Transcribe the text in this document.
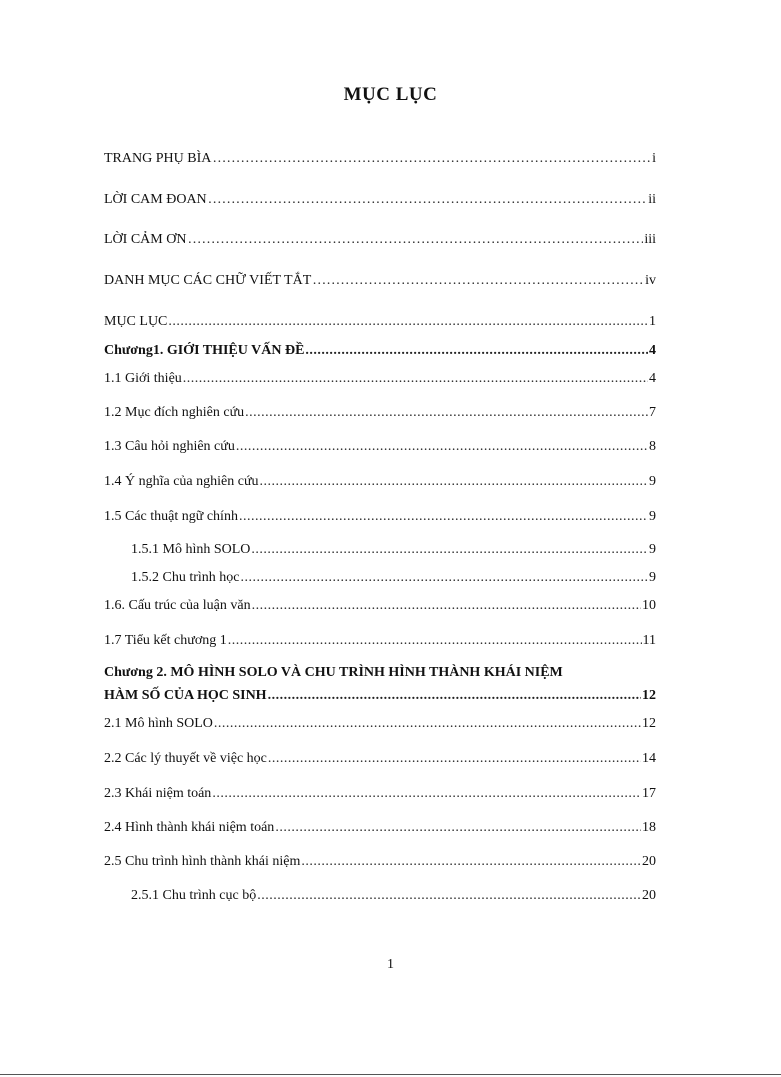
MỤC LỤC
TRANG PHỤ BÌA …………………………………………………………………………………………………………………………………………………………………………………………	i
LỜI CAM ĐOAN …………………………………………………………………………………………………………………………………………………………………………………………	ii
LỜI CẢM ƠN …………………………………………………………………………………………………………………………………………………………………………………………	iii
DANH MỤC CÁC CHỮ VIẾT TẮT …………………………………………………………………………………………………………………………………………………………………………………………	iv
MỤC LỤC .....	1
Chương1. GIỚI THIỆU VẤN ĐỀ .....	4
1.1 Giới thiệu .....	4
1.2 Mục đích nghiên cứu .....	7
1.3 Câu hỏi nghiên cứu .....	8
1.4 Ý nghĩa của nghiên cứu .....	9
1.5 Các thuật ngữ chính .....	9
1.5.1 Mô hình SOLO .....	9
1.5.2 Chu trình học .....	9
1.6. Cấu trúc của luận văn .....	10
1.7 Tiểu kết chương 1 .....	11
Chương 2. MÔ HÌNH SOLO VÀ CHU TRÌNH HÌNH THÀNH KHÁI NIỆM
HÀM SỐ CỦA HỌC SINH .....	12
2.1 Mô hình SOLO .....	12
2.2 Các lý thuyết về việc học .....	14
2.3 Khái niệm toán .....	17
2.4 Hình thành khái niệm toán .....	18
2.5 Chu trình hình thành khái niệm .....	20
2.5.1 Chu trình cục bộ .....	20
1
